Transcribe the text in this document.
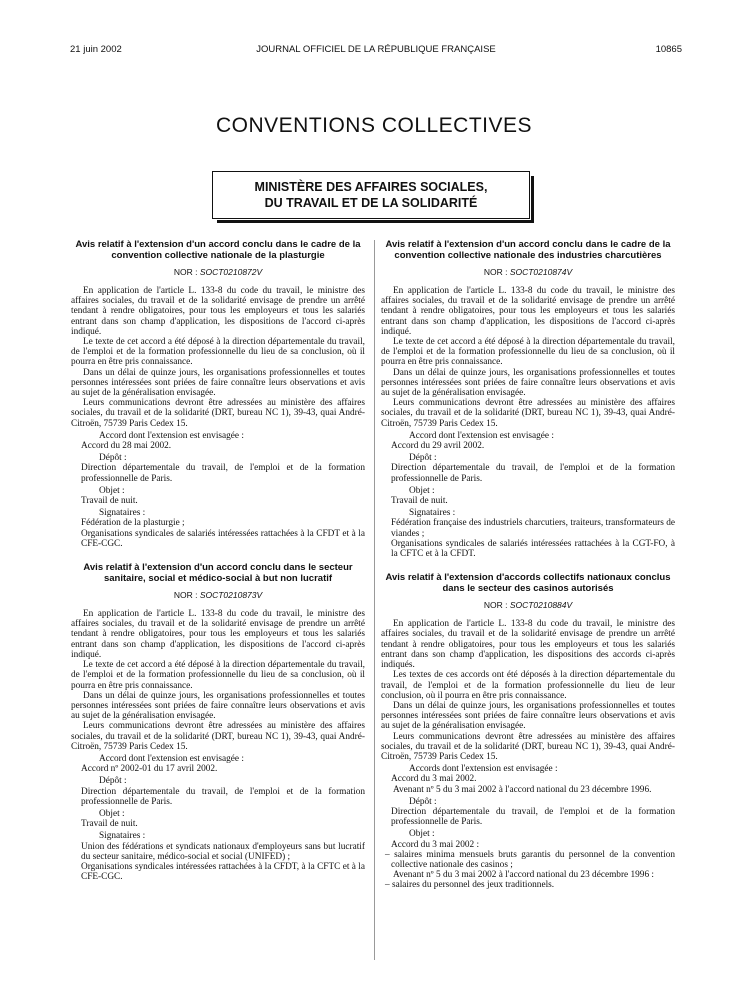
21 juin 2002	JOURNAL OFFICIEL DE LA RÉPUBLIQUE FRANÇAISE	10865
CONVENTIONS COLLECTIVES
MINISTÈRE DES AFFAIRES SOCIALES,
DU TRAVAIL ET DE LA SOLIDARITÉ
Avis relatif à l'extension d'un accord conclu dans le cadre de la convention collective nationale de la plasturgie
NOR : SOCT0210872V

En application de l'article L. 133-8 du code du travail, le ministre des affaires sociales, du travail et de la solidarité envisage de prendre un arrêté tendant à rendre obligatoires, pour tous les employeurs et tous les salariés entrant dans son champ d'application, les dispositions de l'accord ci-après indiqué.

Le texte de cet accord a été déposé à la direction départementale du travail, de l'emploi et de la formation professionnelle du lieu de sa conclusion, où il pourra en être pris connaissance.

Dans un délai de quinze jours, les organisations professionnelles et toutes personnes intéressées sont priées de faire connaître leurs observations et avis au sujet de la généralisation envisagée.

Leurs communications devront être adressées au ministère des affaires sociales, du travail et de la solidarité (DRT, bureau NC 1), 39-43, quai André-Citroën, 75739 Paris Cedex 15.

Accord dont l'extension est envisagée :

Accord du 28 mai 2002.

Dépôt :

Direction départementale du travail, de l'emploi et de la formation professionnelle de Paris.

Objet :

Travail de nuit.

Signataires :

Fédération de la plasturgie ;

Organisations syndicales de salariés intéressées rattachées à la CFDT et à la CFE-CGC.

Avis relatif à l'extension d'un accord conclu dans le secteur sanitaire, social et médico-social à but non lucratif
NOR : SOCT0210873V

En application de l'article L. 133-8 du code du travail, le ministre des affaires sociales, du travail et de la solidarité envisage de prendre un arrêté tendant à rendre obligatoires, pour tous les employeurs et tous les salariés entrant dans son champ d'application, les dispositions de l'accord ci-après indiqué.

Le texte de cet accord a été déposé à la direction départementale du travail, de l'emploi et de la formation professionnelle du lieu de sa conclusion, où il pourra en être pris connaissance.

Dans un délai de quinze jours, les organisations professionnelles et toutes personnes intéressées sont priées de faire connaître leurs observations et avis au sujet de la généralisation envisagée.

Leurs communications devront être adressées au ministère des affaires sociales, du travail et de la solidarité (DRT, bureau NC 1), 39-43, quai André-Citroën, 75739 Paris Cedex 15.

Accord dont l'extension est envisagée :

Accord nº 2002-01 du 17 avril 2002.

Dépôt :

Direction départementale du travail, de l'emploi et de la formation professionnelle de Paris.

Objet :

Travail de nuit.

Signataires :

Union des fédérations et syndicats nationaux d'employeurs sans but lucratif du secteur sanitaire, médico-social et social (UNIFED) ;

Organisations syndicales intéressées rattachées à la CFDT, à la CFTC et à la CFE-CGC.

Avis relatif à l'extension d'un accord conclu dans le cadre de la convention collective nationale des industries charcutières
NOR : SOCT0210874V

En application de l'article L. 133-8 du code du travail, le ministre des affaires sociales, du travail et de la solidarité envisage de prendre un arrêté tendant à rendre obligatoires, pour tous les employeurs et tous les salariés entrant dans son champ d'application, les dispositions de l'accord ci-après indiqué.

Le texte de cet accord a été déposé à la direction départementale du travail, de l'emploi et de la formation professionnelle du lieu de sa conclusion, où il pourra en être pris connaissance.

Dans un délai de quinze jours, les organisations professionnelles et toutes personnes intéressées sont priées de faire connaître leurs observations et avis au sujet de la généralisation envisagée.

Leurs communications devront être adressées au ministère des affaires sociales, du travail et de la solidarité (DRT, bureau NC 1), 39-43, quai André-Citroën, 75739 Paris Cedex 15.

Accord dont l'extension est envisagée :

Accord du 29 avril 2002.

Dépôt :

Direction départementale du travail, de l'emploi et de la formation professionnelle de Paris.

Objet :

Travail de nuit.

Signataires :

Fédération française des industriels charcutiers, traiteurs, transformateurs de viandes ;

Organisations syndicales de salariés intéressées rattachées à la CGT-FO, à la CFTC et à la CFDT.

Avis relatif à l'extension d'accords collectifs nationaux conclus dans le secteur des casinos autorisés
NOR : SOCT0210884V

En application de l'article L. 133-8 du code du travail, le ministre des affaires sociales, du travail et de la solidarité envisage de prendre un arrêté tendant à rendre obligatoires, pour tous les employeurs et tous les salariés entrant dans son champ d'application, les dispositions des accords ci-après indiqués.

Les textes de ces accords ont été déposés à la direction départementale du travail, de l'emploi et de la formation professionnelle du lieu de leur conclusion, où il pourra en être pris connaissance.

Dans un délai de quinze jours, les organisations professionnelles et toutes personnes intéressées sont priées de faire connaître leurs observations et avis au sujet de la généralisation envisagée.

Leurs communications devront être adressées au ministère des affaires sociales, du travail et de la solidarité (DRT, bureau NC 1), 39-43, quai André-Citroën, 75739 Paris Cedex 15.

Accords dont l'extension est envisagée :

Accord du 3 mai 2002.

Avenant nº 5 du 3 mai 2002 à l'accord national du 23 décembre 1996.

Dépôt :

Direction départementale du travail, de l'emploi et de la formation professionnelle de Paris.

Objet :

Accord du 3 mai 2002 :

– salaires minima mensuels bruts garantis du personnel de la convention collective nationale des casinos ;

Avenant nº 5 du 3 mai 2002 à l'accord national du 23 décembre 1996 :

– salaires du personnel des jeux traditionnels.
